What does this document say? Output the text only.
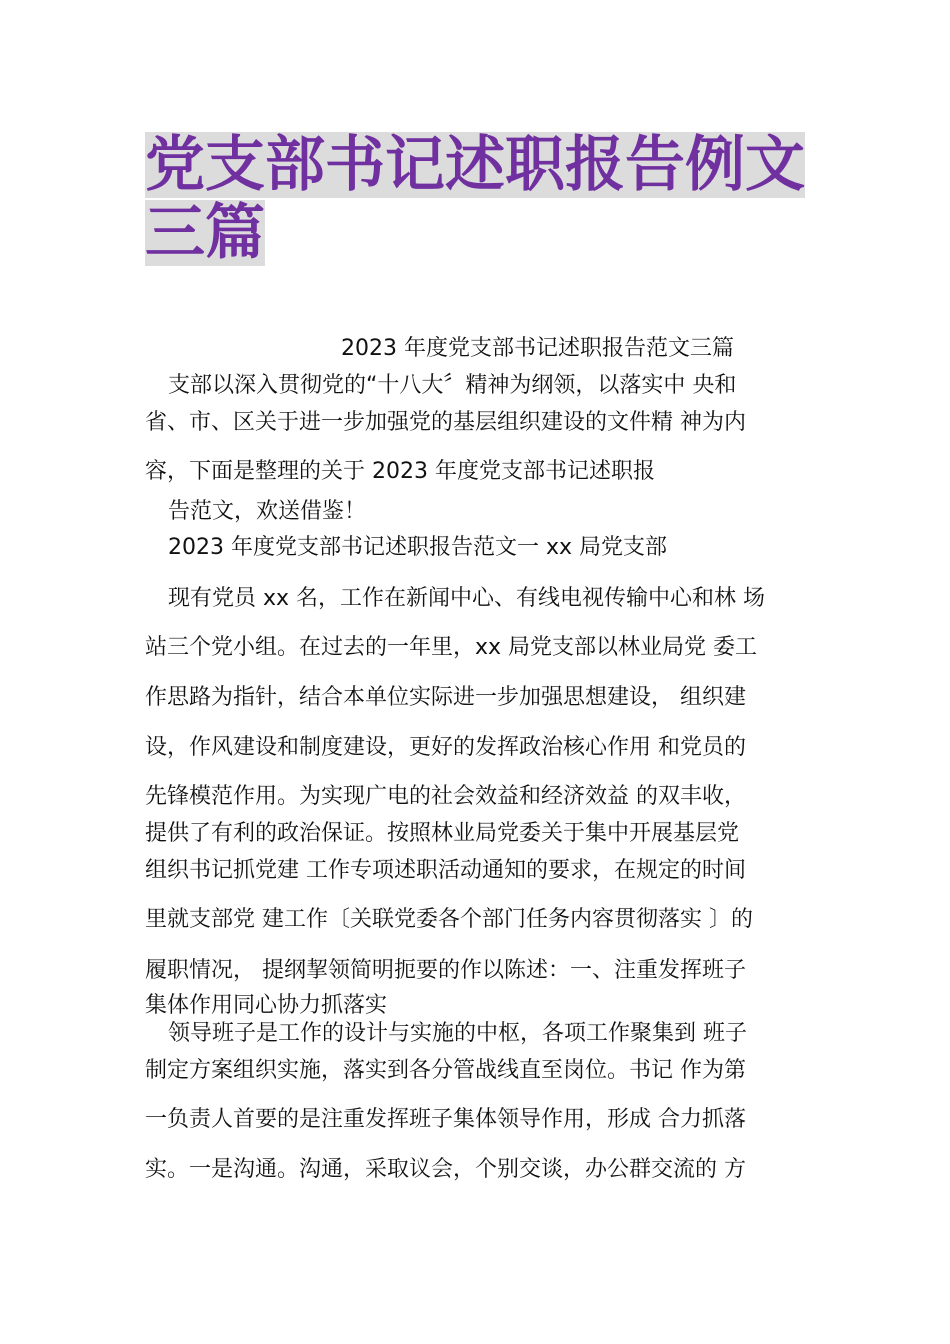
党支部书记述职报告例文
三篇
2023 年度党支部书记述职报告范文三篇
支部以深入贯彻党的“十八大〞精神为纲领，以落实中 央和
省、市、区关于进一步加强党的基层组织建设的文件精 神为内
容，下面是整理的关于 2023 年度党支部书记述职报
告范文，欢送借鉴！
2023 年度党支部书记述职报告范文一 xx 局党支部
现有党员 xx 名，工作在新闻中心、有线电视传输中心和林 场
站三个党小组。在过去的一年里，xx 局党支部以林业局党 委工
作思路为指针，结合本单位实际进一步加强思想建设， 组织建
设，作风建设和制度建设，更好的发挥政治核心作用 和党员的
先锋模范作用。为实现广电的社会效益和经济效益 的双丰收，
提供了有利的政治保证。按照林业局党委关于集中开展基层党
组织书记抓党建 工作专项述职活动通知的要求，在规定的时间
里就支部党 建工作〔关联党委各个部门任务内容贯彻落实 〕的
履职情况， 提纲挈领简明扼要的作以陈述：一、注重发挥班子
集体作用同心协力抓落实
领导班子是工作的设计与实施的中枢，各项工作聚集到 班子
制定方案组织实施，落实到各分管战线直至岗位。书记 作为第
一负责人首要的是注重发挥班子集体领导作用，形成 合力抓落
实。一是沟通。沟通，采取议会，个别交谈，办公群交流的 方
